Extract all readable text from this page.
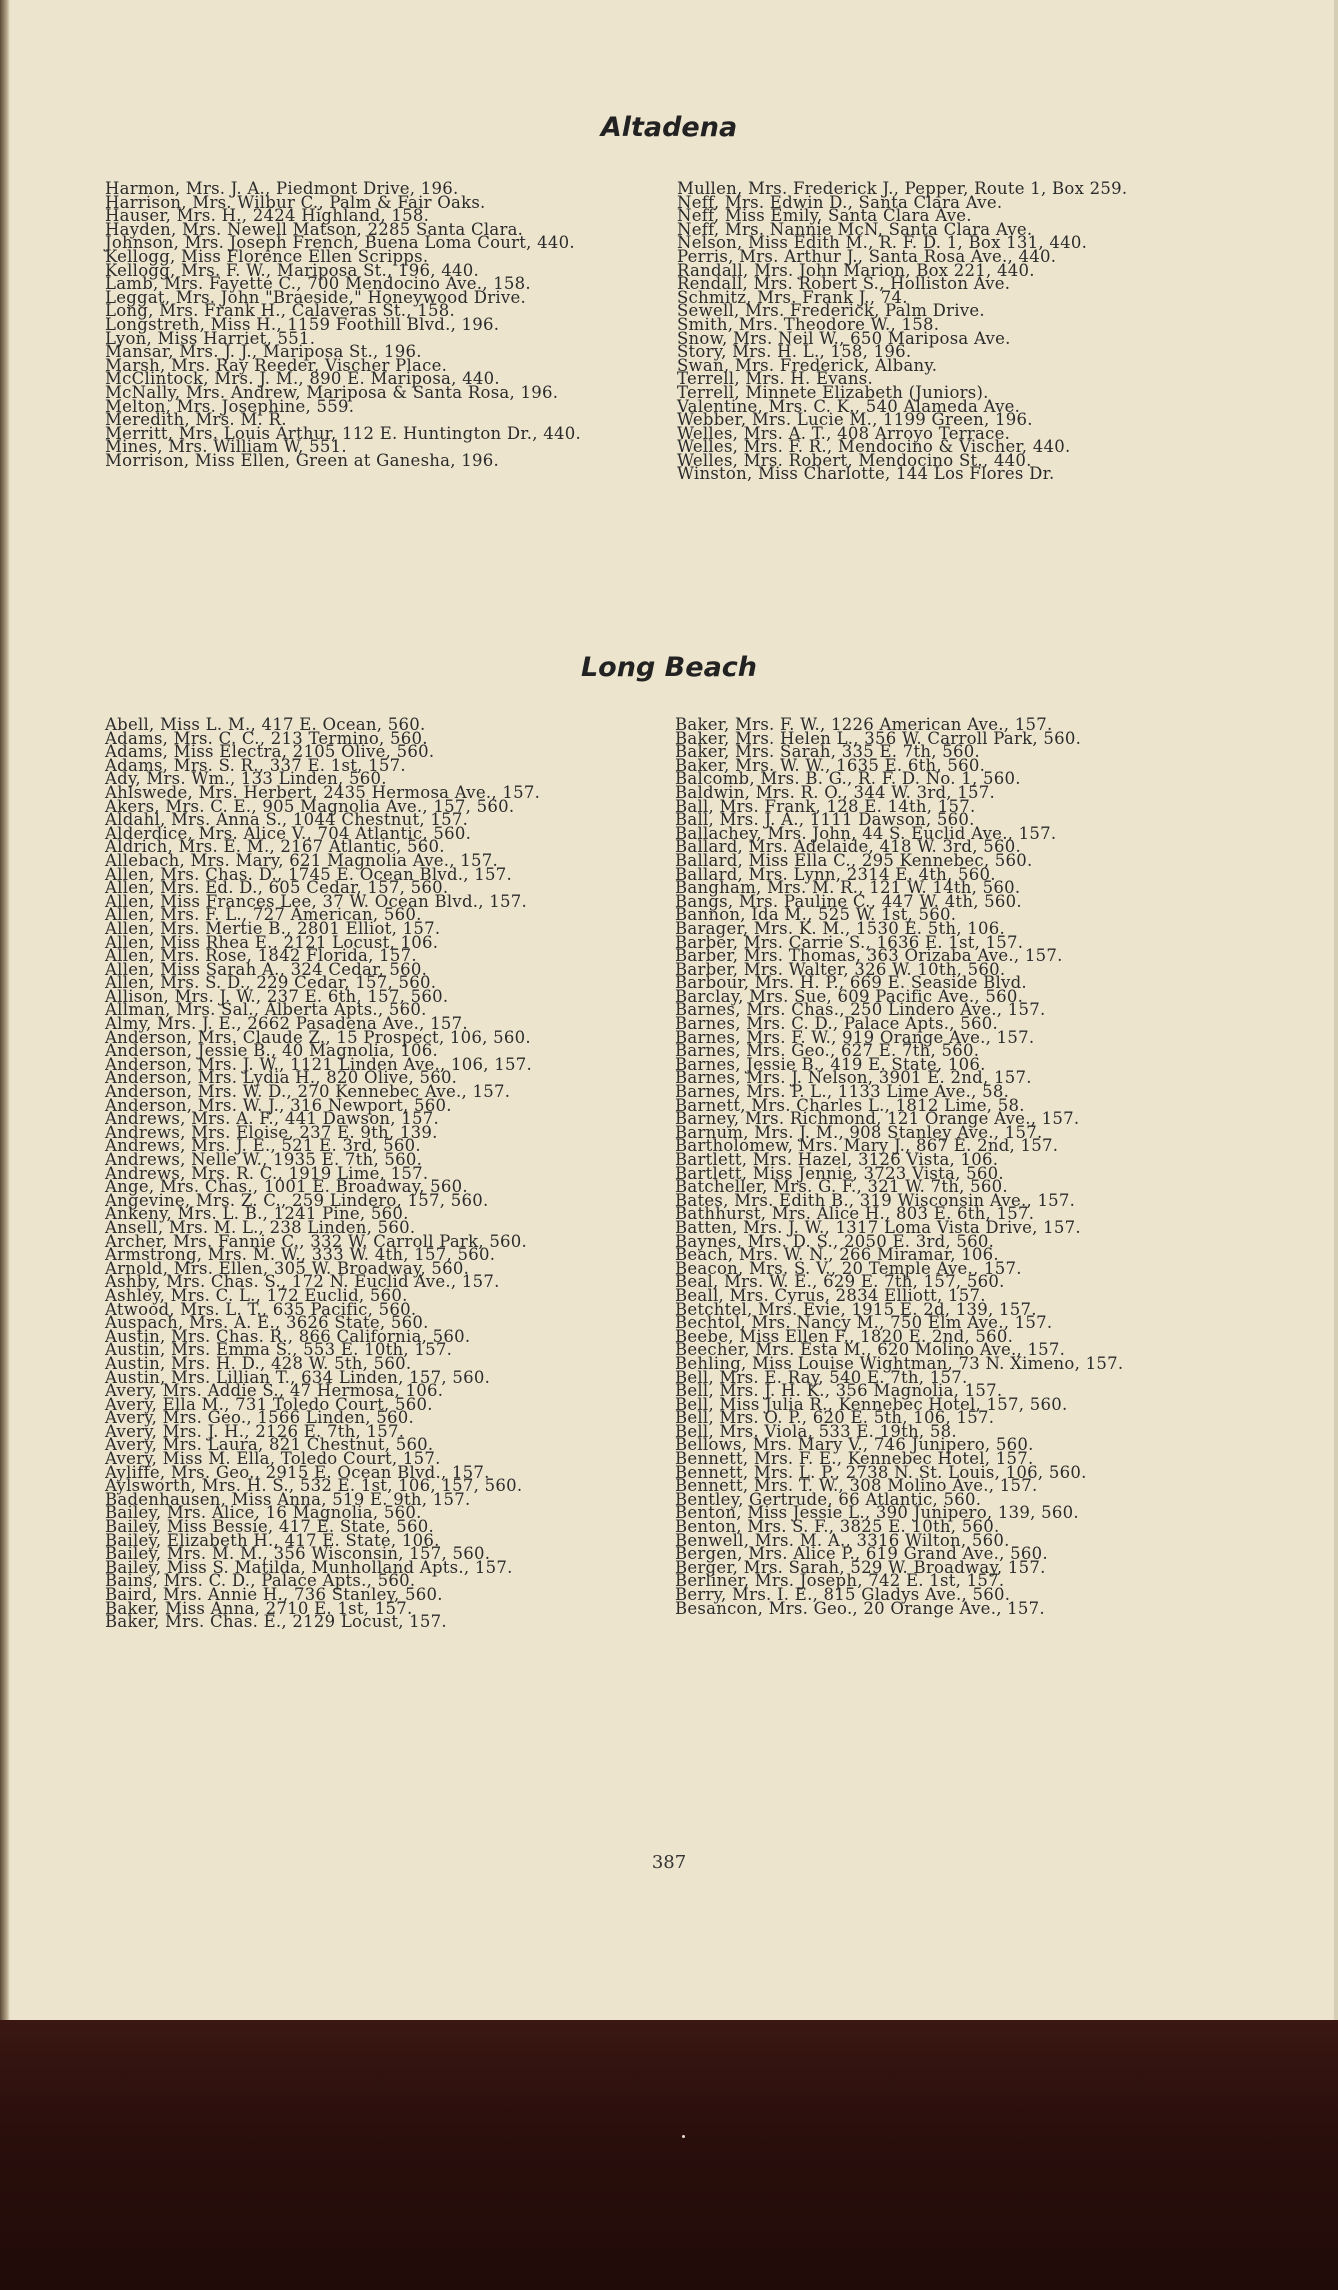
Altadena
Harmon, Mrs. J. A., Piedmont Drive, 196.
Harrison, Mrs. Wilbur C., Palm & Fair Oaks.
Hauser, Mrs. H., 2424 Highland, 158.
Hayden, Mrs. Newell Matson, 2285 Santa Clara.
Johnson, Mrs. Joseph French, Buena Loma Court, 440.
Kellogg, Miss Florence Ellen Scripps.
Kellogg, Mrs. F. W., Mariposa St., 196, 440.
Lamb, Mrs. Fayette C., 700 Mendocino Ave., 158.
Leggat, Mrs. John "Braeside," Honeywood Drive.
Long, Mrs. Frank H., Calaveras St., 158.
Longstreth, Miss H., 1159 Foothill Blvd., 196.
Lyon, Miss Harriet, 551.
Mansar, Mrs. J. J., Mariposa St., 196.
Marsh, Mrs. Ray Reeder, Vischer Place.
McClintock, Mrs. J. M., 890 E. Mariposa, 440.
McNally, Mrs. Andrew, Mariposa & Santa Rosa, 196.
Melton, Mrs. Josephine, 559.
Meredith, Mrs. M. R.
Merritt, Mrs. Louis Arthur, 112 E. Huntington Dr., 440.
Mines, Mrs. William W, 551.
Morrison, Miss Ellen, Green at Ganesha, 196.
Mullen, Mrs. Frederick J., Pepper, Route 1, Box 259.
Neff, Mrs. Edwin D., Santa Clara Ave.
Neff, Miss Emily, Santa Clara Ave.
Neff, Mrs. Nannie McN, Santa Clara Ave.
Nelson, Miss Edith M., R. F. D. 1, Box 131, 440.
Perris, Mrs. Arthur J., Santa Rosa Ave., 440.
Randall, Mrs. John Marion, Box 221, 440.
Rendall, Mrs. Robert S., Holliston Ave.
Schmitz, Mrs. Frank J., 74.
Sewell, Mrs. Frederick, Palm Drive.
Smith, Mrs. Theodore W., 158.
Snow, Mrs. Neil W., 650 Mariposa Ave.
Story, Mrs. H. L., 158, 196.
Swan, Mrs. Frederick, Albany.
Terrell, Mrs. H. Evans.
Terrell, Minnete Elizabeth (Juniors).
Valentine, Mrs. C. K., 540 Alameda Ave.
Webber, Mrs. Lucie M., 1199 Green, 196.
Welles, Mrs. A. T., 408 Arroyo Terrace.
Welles, Mrs. F. R., Mendocino & Vischer, 440.
Welles, Mrs. Robert, Mendocino St., 440.
Winston, Miss Charlotte, 144 Los Flores Dr.
Long Beach
Abell, Miss L. M., 417 E. Ocean, 560.
Adams, Mrs. C. C., 213 Termino, 560.
Adams, Miss Electra, 2105 Olive, 560.
Adams, Mrs. S. R., 337 E. 1st, 157.
Ady, Mrs. Wm., 133 Linden, 560.
Ahlswede, Mrs. Herbert, 2435 Hermosa Ave., 157.
Akers, Mrs. C. E., 905 Magnolia Ave., 157, 560.
Aldahl, Mrs. Anna S., 1044 Chestnut, 157.
Alderdice, Mrs. Alice V., 704 Atlantic, 560.
Aldrich, Mrs. E. M., 2167 Atlantic, 560.
Allebach, Mrs. Mary, 621 Magnolia Ave., 157.
Allen, Mrs. Chas. D., 1745 E. Ocean Blvd., 157.
Allen, Mrs. Ed. D., 605 Cedar, 157, 560.
Allen, Miss Frances Lee, 37 W. Ocean Blvd., 157.
Allen, Mrs. F. L., 727 American, 560.
Allen, Mrs. Mertie B., 2801 Elliot, 157.
Allen, Miss Rhea E., 2121 Locust, 106.
Allen, Mrs. Rose, 1842 Florida, 157.
Allen, Miss Sarah A., 324 Cedar, 560.
Allen, Mrs. S. D., 229 Cedar, 157, 560.
Allison, Mrs. J. W., 237 E. 6th, 157, 560.
Allman, Mrs. Sal., Alberta Apts., 560.
Almy, Mrs. J. E., 2662 Pasadena Ave., 157.
Anderson, Mrs. Claude Z., 15 Prospect, 106, 560.
Anderson, Jessie B., 40 Magnolia, 106.
Anderson, Mrs. J. W., 1121 Linden Ave., 106, 157.
Anderson, Mrs. Lydia H., 820 Olive, 560.
Anderson, Mrs. W. D., 270 Kennebec Ave., 157.
Anderson, Mrs. W. J., 316 Newport, 560.
Andrews, Mrs. A. F., 441 Dawson, 157.
Andrews, Mrs. Eloise, 237 E. 9th, 139.
Andrews, Mrs. J. E., 521 E. 3rd, 560.
Andrews, Nelle W., 1935 E. 7th, 560.
Andrews, Mrs. R. C., 1919 Lime, 157.
Ange, Mrs. Chas., 1001 E. Broadway, 560.
Angevine, Mrs. Z. C., 259 Lindero, 157, 560.
Ankeny, Mrs. L. B., 1241 Pine, 560.
Ansell, Mrs. M. L., 238 Linden, 560.
Archer, Mrs. Fannie C., 332 W. Carroll Park, 560.
Armstrong, Mrs. M. W., 333 W. 4th, 157, 560.
Arnold, Mrs. Ellen, 305 W. Broadway, 560.
Ashby, Mrs. Chas. S., 172 N. Euclid Ave., 157.
Ashley, Mrs. C. L., 172 Euclid, 560.
Atwood, Mrs. L. T., 635 Pacific, 560.
Auspach, Mrs. A. E., 3626 State, 560.
Austin, Mrs. Chas. R., 866 California, 560.
Austin, Mrs. Emma S., 553 E. 10th, 157.
Austin, Mrs. H. D., 428 W. 5th, 560.
Austin, Mrs. Lillian T., 634 Linden, 157, 560.
Avery, Mrs. Addie S., 47 Hermosa, 106.
Avery, Ella M., 731 Toledo Court, 560.
Avery, Mrs. Geo., 1566 Linden, 560.
Avery, Mrs. J. H., 2126 E. 7th, 157.
Avery, Mrs. Laura, 821 Chestnut, 560.
Avery, Miss M. Ella, Toledo Court, 157.
Ayliffe, Mrs. Geo., 2915 E. Ocean Blvd., 157.
Aylsworth, Mrs. H. S., 532 E. 1st, 106, 157, 560.
Badenhausen, Miss Anna, 519 E. 9th, 157.
Bailey, Mrs. Alice, 16 Magnolia, 560.
Bailey, Miss Bessie, 417 E. State, 560.
Bailey, Elizabeth H., 417 E. State, 106.
Bailey, Mrs. M. M., 356 Wisconsin, 157, 560.
Bailey, Miss S. Matilda, Munholland Apts., 157.
Bains, Mrs. C. D., Palace Apts., 560.
Baird, Mrs. Annie H., 736 Stanley, 560.
Baker, Miss Anna, 2710 E. 1st, 157.
Baker, Mrs. Chas. E., 2129 Locust, 157.
Baker, Mrs. F. W., 1226 American Ave., 157.
Baker, Mrs. Helen L., 356 W. Carroll Park, 560.
Baker, Mrs. Sarah, 335 E. 7th, 560.
Baker, Mrs. W. W., 1635 E. 6th, 560.
Balcomb, Mrs. B. G., R. F. D. No. 1, 560.
Baldwin, Mrs. R. O., 344 W. 3rd, 157.
Ball, Mrs. Frank, 128 E. 14th, 157.
Ball, Mrs. J. A., 1111 Dawson, 560.
Ballachey, Mrs. John, 44 S. Euclid Ave., 157.
Ballard, Mrs. Adelaide, 418 W. 3rd, 560.
Ballard, Miss Ella C., 295 Kennebec, 560.
Ballard, Mrs. Lynn, 2314 E. 4th, 560.
Bangham, Mrs. M. R., 121 W. 14th, 560.
Bangs, Mrs. Pauline C., 447 W. 4th, 560.
Bannon, Ida M., 525 W. 1st, 560.
Barager, Mrs. K. M., 1530 E. 5th, 106.
Barber, Mrs. Carrie S., 1636 E. 1st, 157.
Barber, Mrs. Thomas, 363 Orizaba Ave., 157.
Barber, Mrs. Walter, 326 W. 10th, 560.
Barbour, Mrs. H. P., 669 E. Seaside Blvd.
Barclay, Mrs. Sue, 609 Pacific Ave., 560.
Barnes, Mrs. Chas., 250 Lindero Ave., 157.
Barnes, Mrs. C. D., Palace Apts., 560.
Barnes, Mrs. F. W., 919 Orange Ave., 157.
Barnes, Mrs. Geo., 627 E. 7th, 560.
Barnes, Jessie B., 419 E. State, 106.
Barnes, Mrs. J. Nelson, 3901 E. 2nd, 157.
Barnes, Mrs. P. L., 1133 Lime Ave., 58.
Barnett, Mrs. Charles L., 1812 Lime, 58.
Barney, Mrs. Richmond, 121 Orange Ave., 157.
Barnum, Mrs. J. M., 908 Stanley Ave., 157.
Bartholomew, Mrs. Mary J., 867 E. 2nd, 157.
Bartlett, Mrs. Hazel, 3126 Vista, 106.
Bartlett, Miss Jennie, 3723 Vista, 560.
Batcheller, Mrs. G. F., 321 W. 7th, 560.
Bates, Mrs. Edith B., 319 Wisconsin Ave., 157.
Bathhurst, Mrs. Alice H., 803 E. 6th, 157.
Batten, Mrs. J. W., 1317 Loma Vista Drive, 157.
Baynes, Mrs. D. S., 2050 E. 3rd, 560.
Beach, Mrs. W. N., 266 Miramar, 106.
Beacon, Mrs. S. V., 20 Temple Ave., 157.
Beal, Mrs. W. E., 629 E. 7th, 157, 560.
Beall, Mrs. Cyrus, 2834 Elliott, 157.
Betchtel, Mrs. Evie, 1915 E. 2d, 139, 157.
Bechtol, Mrs. Nancy M., 750 Elm Ave., 157.
Beebe, Miss Ellen F., 1820 E. 2nd, 560.
Beecher, Mrs. Esta M., 620 Molino Ave., 157.
Behling, Miss Louise Wightman, 73 N. Ximeno, 157.
Bell, Mrs. E. Ray, 540 E. 7th, 157.
Bell, Mrs. J. H. K., 356 Magnolia, 157.
Bell, Miss Julia R., Kennebec Hotel, 157, 560.
Bell, Mrs. O. P., 620 E. 5th, 106, 157.
Bell, Mrs. Viola, 533 E. 19th, 58.
Bellows, Mrs. Mary V., 746 Junipero, 560.
Bennett, Mrs. F. E., Kennebec Hotel, 157.
Bennett, Mrs. L. P., 2738 N. St. Louis, 106, 560.
Bennett, Mrs. T. W., 308 Molino Ave., 157.
Bentley, Gertrude, 66 Atlantic, 560.
Benton, Miss Jessie L., 390 Junipero, 139, 560.
Benton, Mrs. S. F., 3825 E. 10th, 560.
Benwell, Mrs. M. A., 3316 Wilton, 560.
Bergen, Mrs. Alice P., 619 Grand Ave., 560.
Berger, Mrs. Sarah, 529 W. Broadway, 157.
Berliner, Mrs. Joseph, 742 E. 1st, 157.
Berry, Mrs. I. E., 815 Gladys Ave., 560.
Besancon, Mrs. Geo., 20 Orange Ave., 157.
387
